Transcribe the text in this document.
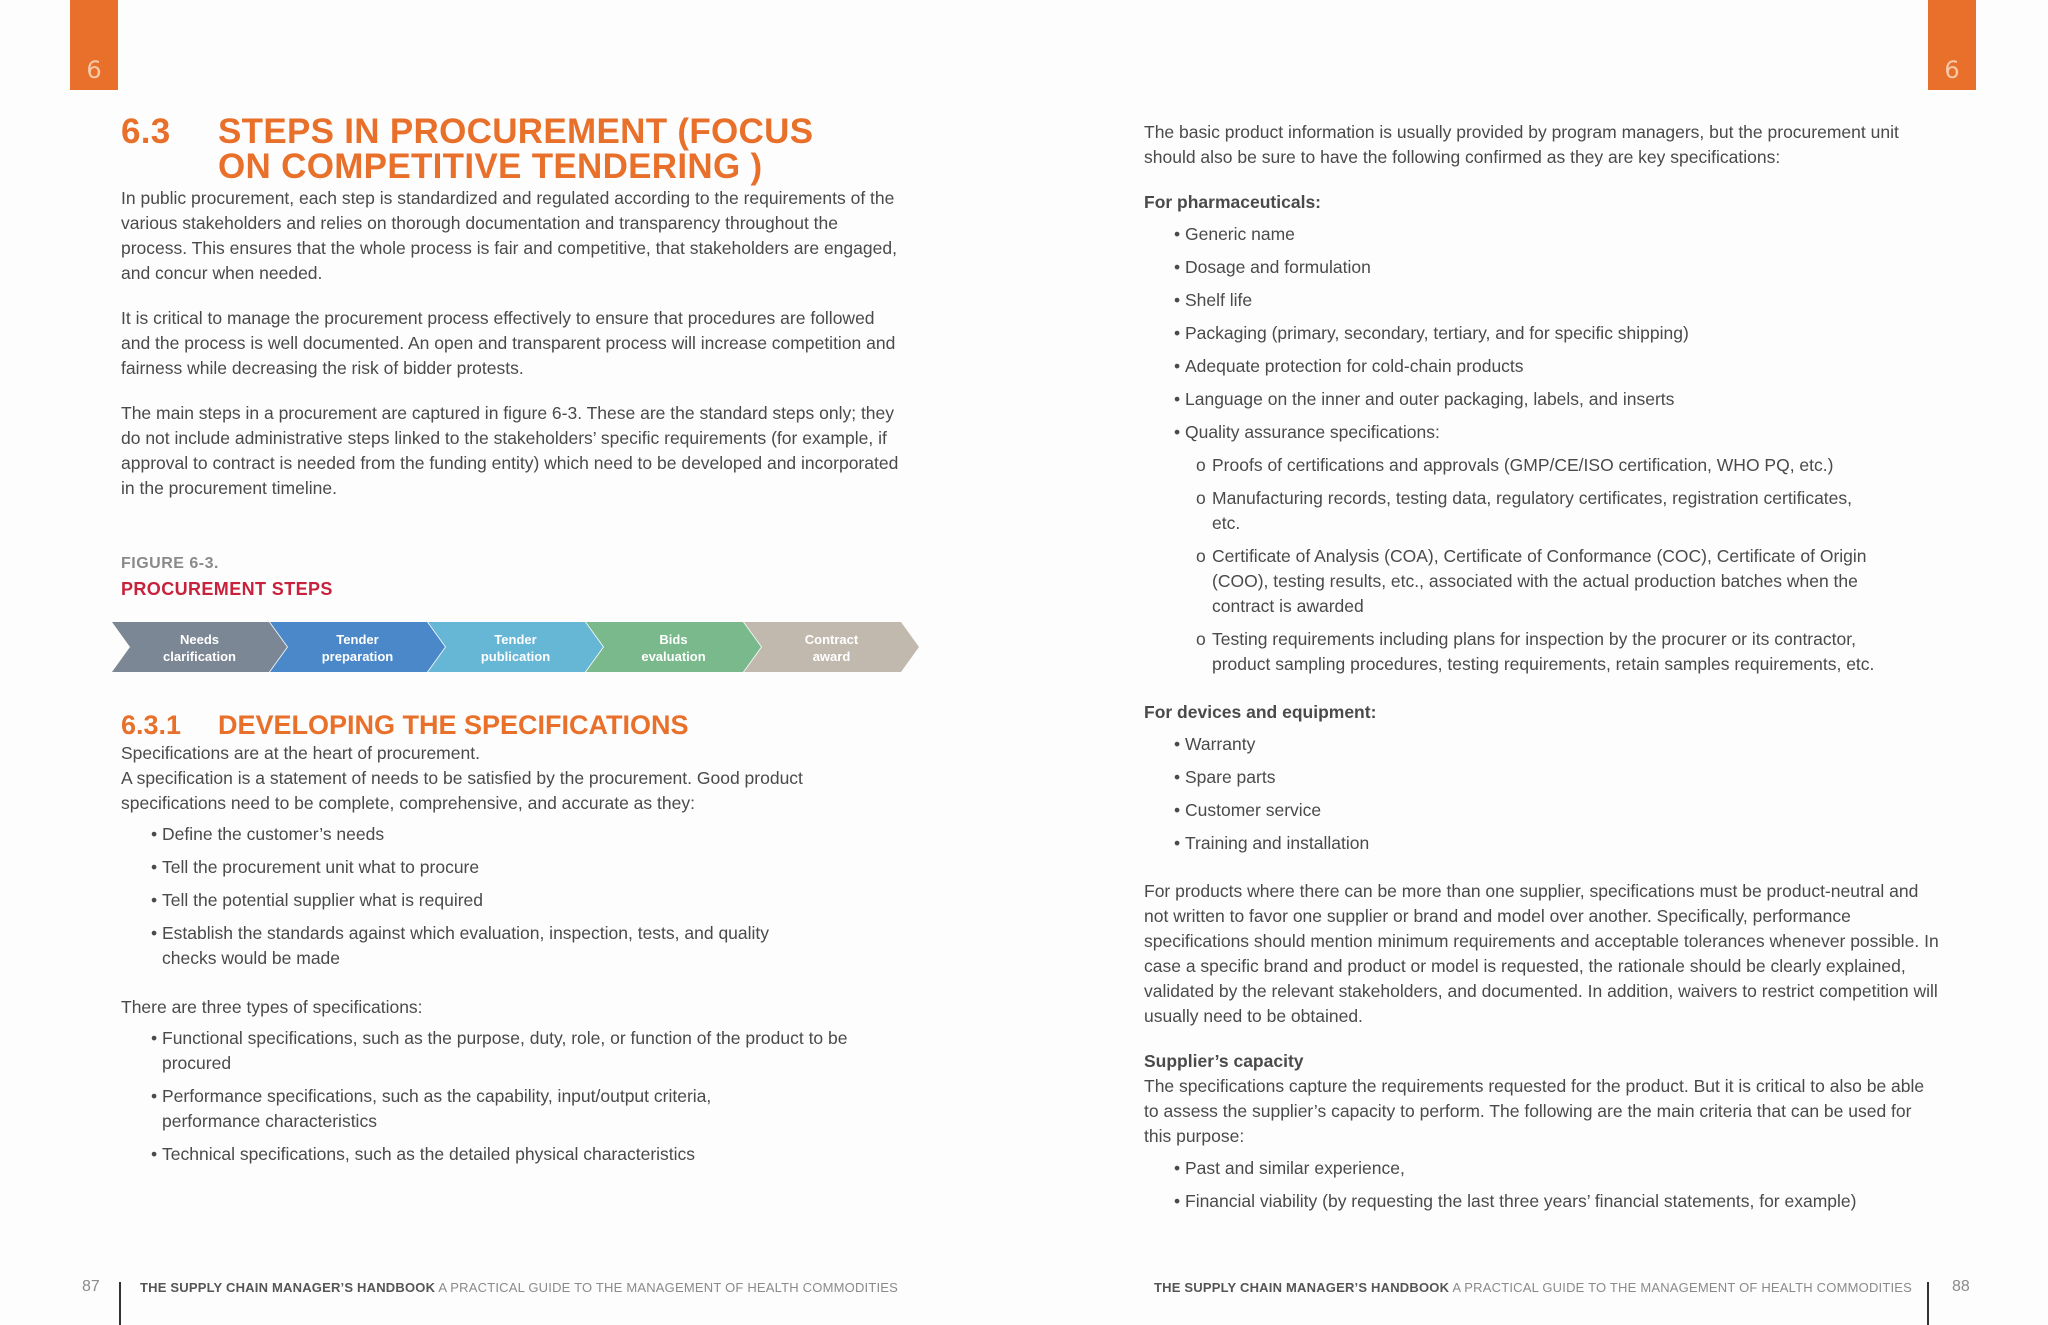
6
6.3 STEPS IN PROCUREMENT (FOCUS
ON COMPETITIVE TENDERING )

In public procurement, each step is standardized and regulated according to the requirements of the various stakeholders and relies on thorough documentation and transparency throughout the process. This ensures that the whole process is fair and competitive, that stakeholders are engaged, and concur when needed.

It is critical to manage the procurement process effectively to ensure that procedures are followed and the process is well documented. An open and transparent process will increase competition and fairness while decreasing the risk of bidder protests.

The main steps in a procurement are captured in figure 6-3. These are the standard steps only; they do not include administrative steps linked to the stakeholders’ specific requirements (for example, if approval to contract is needed from the funding entity) which need to be developed and incorporated in the procurement timeline.

FIGURE 6-3.
PROCUREMENT STEPS
Needs
clarification
Tender
preparation
Tender
publication
Bids
evaluation
Contract
award
6.3.1 DEVELOPING THE SPECIFICATIONS

Specifications are at the heart of procurement.

A specification is a statement of needs to be satisfied by the procurement. Good product specifications need to be complete, comprehensive, and accurate as they:

• Define the customer’s needs
• Tell the procurement unit what to procure
• Tell the potential supplier what is required
• Establish the standards against which evaluation, inspection, tests, and quality checks would be made

There are three types of specifications:

• Functional specifications, such as the purpose, duty, role, or function of the product to be procured
• Performance specifications, such as the capability, input/output criteria, performance characteristics
• Technical specifications, such as the detailed physical characteristics
87	THE SUPPLY CHAIN MANAGER’S HANDBOOK A PRACTICAL GUIDE TO THE MANAGEMENT OF HEALTH COMMODITIES
6

The basic product information is usually provided by program managers, but the procurement unit should also be sure to have the following confirmed as they are key specifications:

For pharmaceuticals:
• Generic name
• Dosage and formulation
• Shelf life
• Packaging (primary, secondary, tertiary, and for specific shipping)
• Adequate protection for cold-chain products
• Language on the inner and outer packaging, labels, and inserts
• Quality assurance specifications:
o Proofs of certifications and approvals (GMP/CE/ISO certification, WHO PQ, etc.)
o Manufacturing records, testing data, regulatory certificates, registration certificates, etc.
o Certificate of Analysis (COA), Certificate of Conformance (COC), Certificate of Origin (COO), testing results, etc., associated with the actual production batches when the contract is awarded
o Testing requirements including plans for inspection by the procurer or its contractor, product sampling procedures, testing requirements, retain samples requirements, etc.
For devices and equipment:
• Warranty
• Spare parts
• Customer service
• Training and installation

For products where there can be more than one supplier, specifications must be product-neutral and not written to favor one supplier or brand and model over another. Specifically, performance specifications should mention minimum requirements and acceptable tolerances whenever possible. In case a specific brand and product or model is requested, the rationale should be clearly explained, validated by the relevant stakeholders, and documented. In addition, waivers to restrict competition will usually need to be obtained.

Supplier’s capacity

The specifications capture the requirements requested for the product. But it is critical to also be able to assess the supplier’s capacity to perform. The following are the main criteria that can be used for this purpose:

• Past and similar experience,
• Financial viability (by requesting the last three years’ financial statements, for example)
THE SUPPLY CHAIN MANAGER’S HANDBOOK A PRACTICAL GUIDE TO THE MANAGEMENT OF HEALTH COMMODITIES 88
